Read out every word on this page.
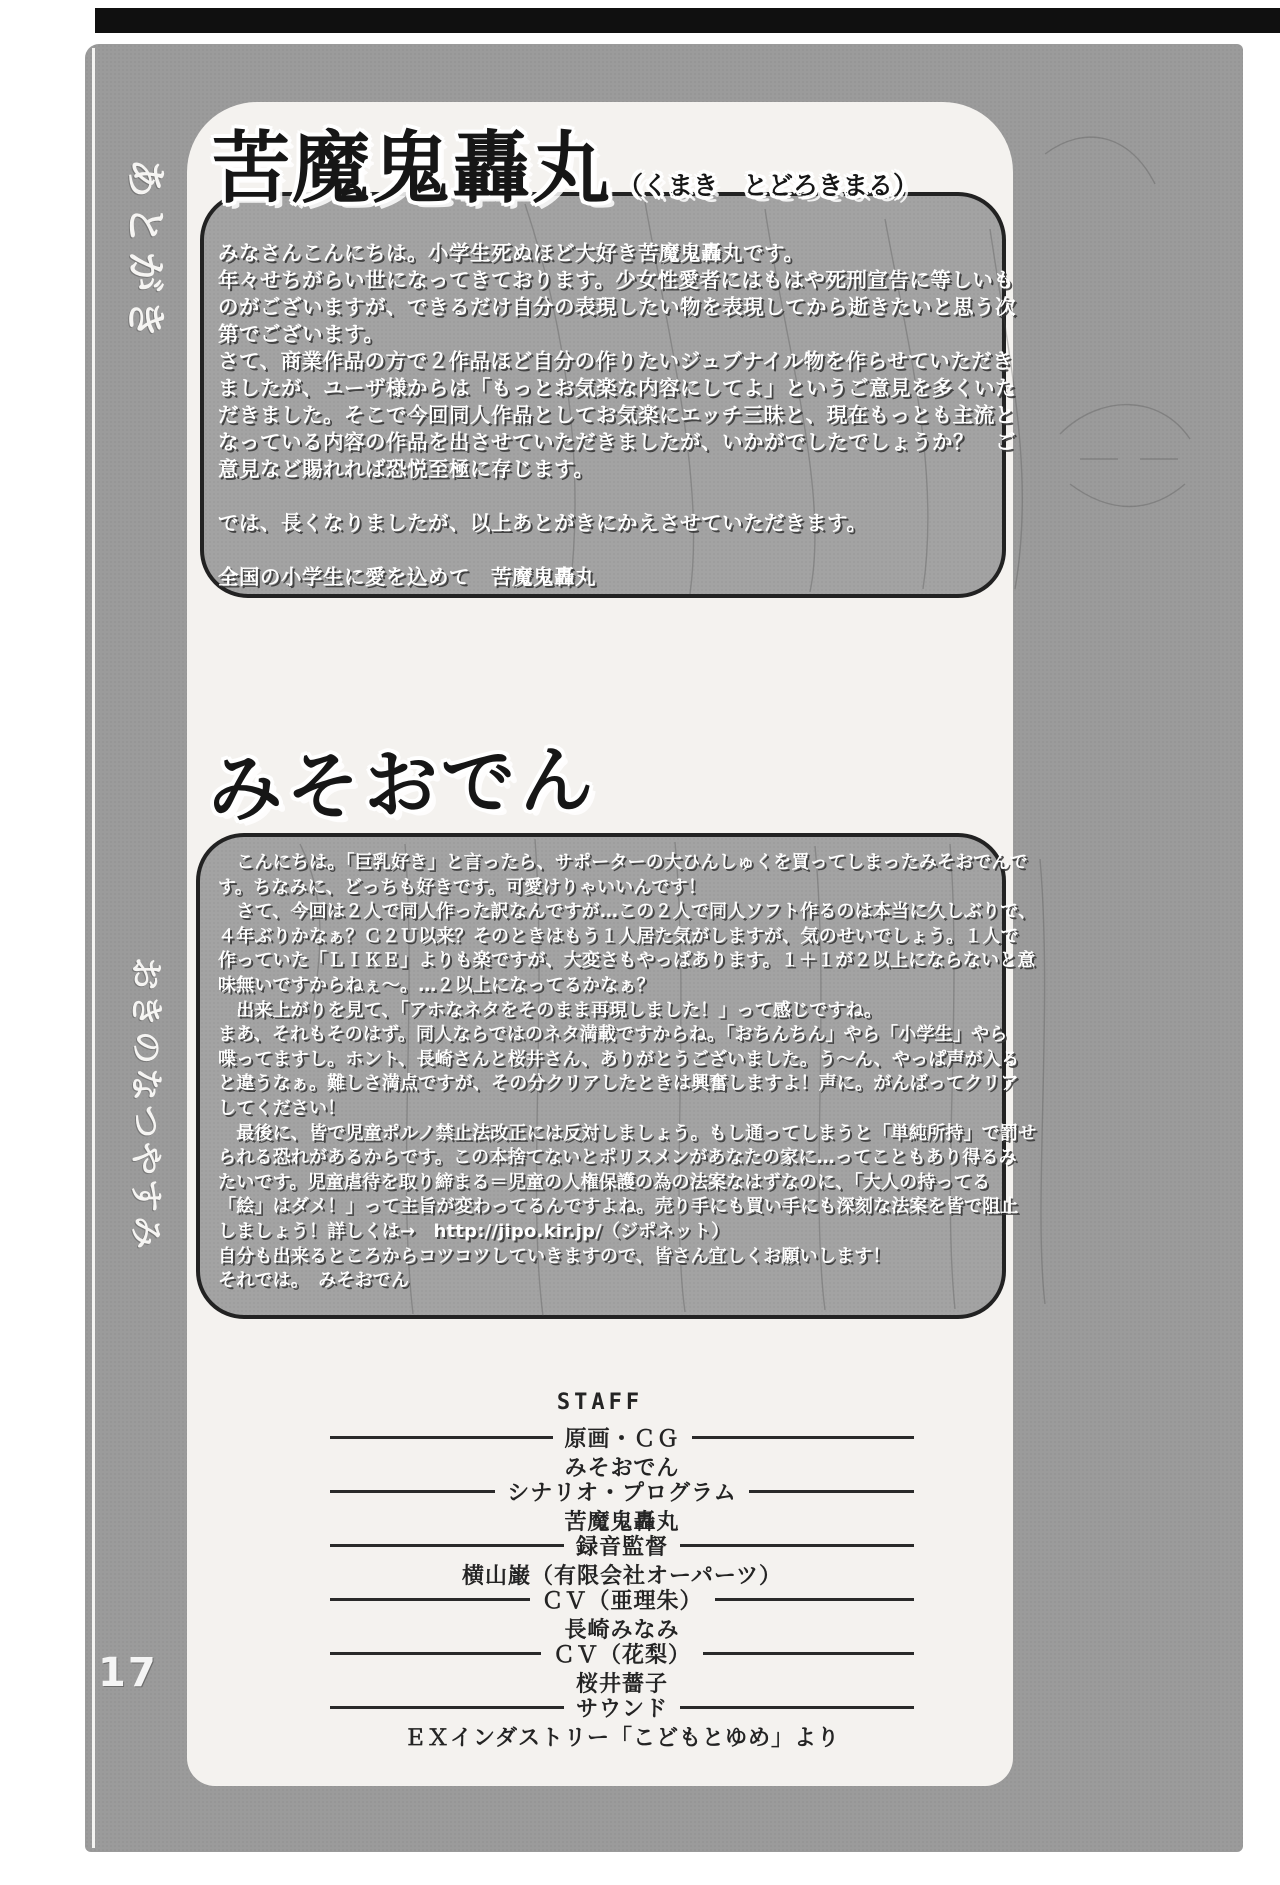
あとがき
おきのなつやすみ
17
苦魔鬼轟丸 （くまき　とどろきまる）
みなさんこんにちは。小学生死ぬほど大好き苦魔鬼轟丸です。
年々せちがらい世になってきております。少女性愛者にはもはや死刑宣告に等しいも
のがございますが、できるだけ自分の表現したい物を表現してから逝きたいと思う次
第でございます。
さて、商業作品の方で２作品ほど自分の作りたいジュブナイル物を作らせていただき
ましたが、ユーザ様からは「もっとお気楽な内容にしてよ」というご意見を多くいた
だきました。そこで今回同人作品としてお気楽にエッチ三昧と、現在もっとも主流と
なっている内容の作品を出させていただきましたが、いかがでしたでしょうか？　ご
意見など賜れれば恐悦至極に存じます。
では、長くなりましたが、以上あとがきにかえさせていただきます。
全国の小学生に愛を込めて　苦魔鬼轟丸
みそおでん
　こんにちは。「巨乳好き」と言ったら、サポーターの大ひんしゅくを買ってしまったみそおでんで
す。ちなみに、どっちも好きです。可愛けりゃいいんです！
　さて、今回は２人で同人作った訳なんですが…この２人で同人ソフト作るのは本当に久しぶりで、
４年ぶりかなぁ？Ｃ２Ｕ以来？そのときはもう１人居た気がしますが、気のせいでしょう。１人で
作っていた「ＬＩＫＥ」よりも楽ですが、大変さもやっぱあります。１＋１が２以上にならないと意
味無いですからねぇ〜。…２以上になってるかなぁ？
　出来上がりを見て、「アホなネタをそのまま再現しました！」って感じですね。
まあ、それもそのはず。同人ならではのネタ満載ですからね。「おちんちん」やら「小学生」やら
喋ってますし。ホント、長崎さんと桜井さん、ありがとうございました。う〜ん、やっぱ声が入る
と違うなぁ。難しさ満点ですが、その分クリアしたときは興奮しますよ！声に。がんばってクリア
してください！
　最後に、皆で児童ポルノ禁止法改正には反対しましょう。もし通ってしまうと「単純所持」で罰せ
られる恐れがあるからです。この本捨てないとポリスメンがあなたの家に…ってこともあり得るみ
たいです。児童虐待を取り締まる＝児童の人権保護の為の法案なはずなのに、「大人の持ってる
「絵」はダメ！」って主旨が変わってるんですよね。売り手にも買い手にも深刻な法案を皆で阻止
しましょう！詳しくは→　http://jipo.kir.jp/（ジポネット）
自分も出来るところからコツコツしていきますので、皆さん宜しくお願いします！
それでは。　みそおでん
STAFF
原画・ＣＧ
みそおでん
シナリオ・プログラム
苦魔鬼轟丸
録音監督
横山巌（有限会社オーパーツ）
ＣＶ（亜理朱）
長崎みなみ
ＣＶ（花梨）
桜井薔子
サウンド
ＥＸインダストリー「こどもとゆめ」より
